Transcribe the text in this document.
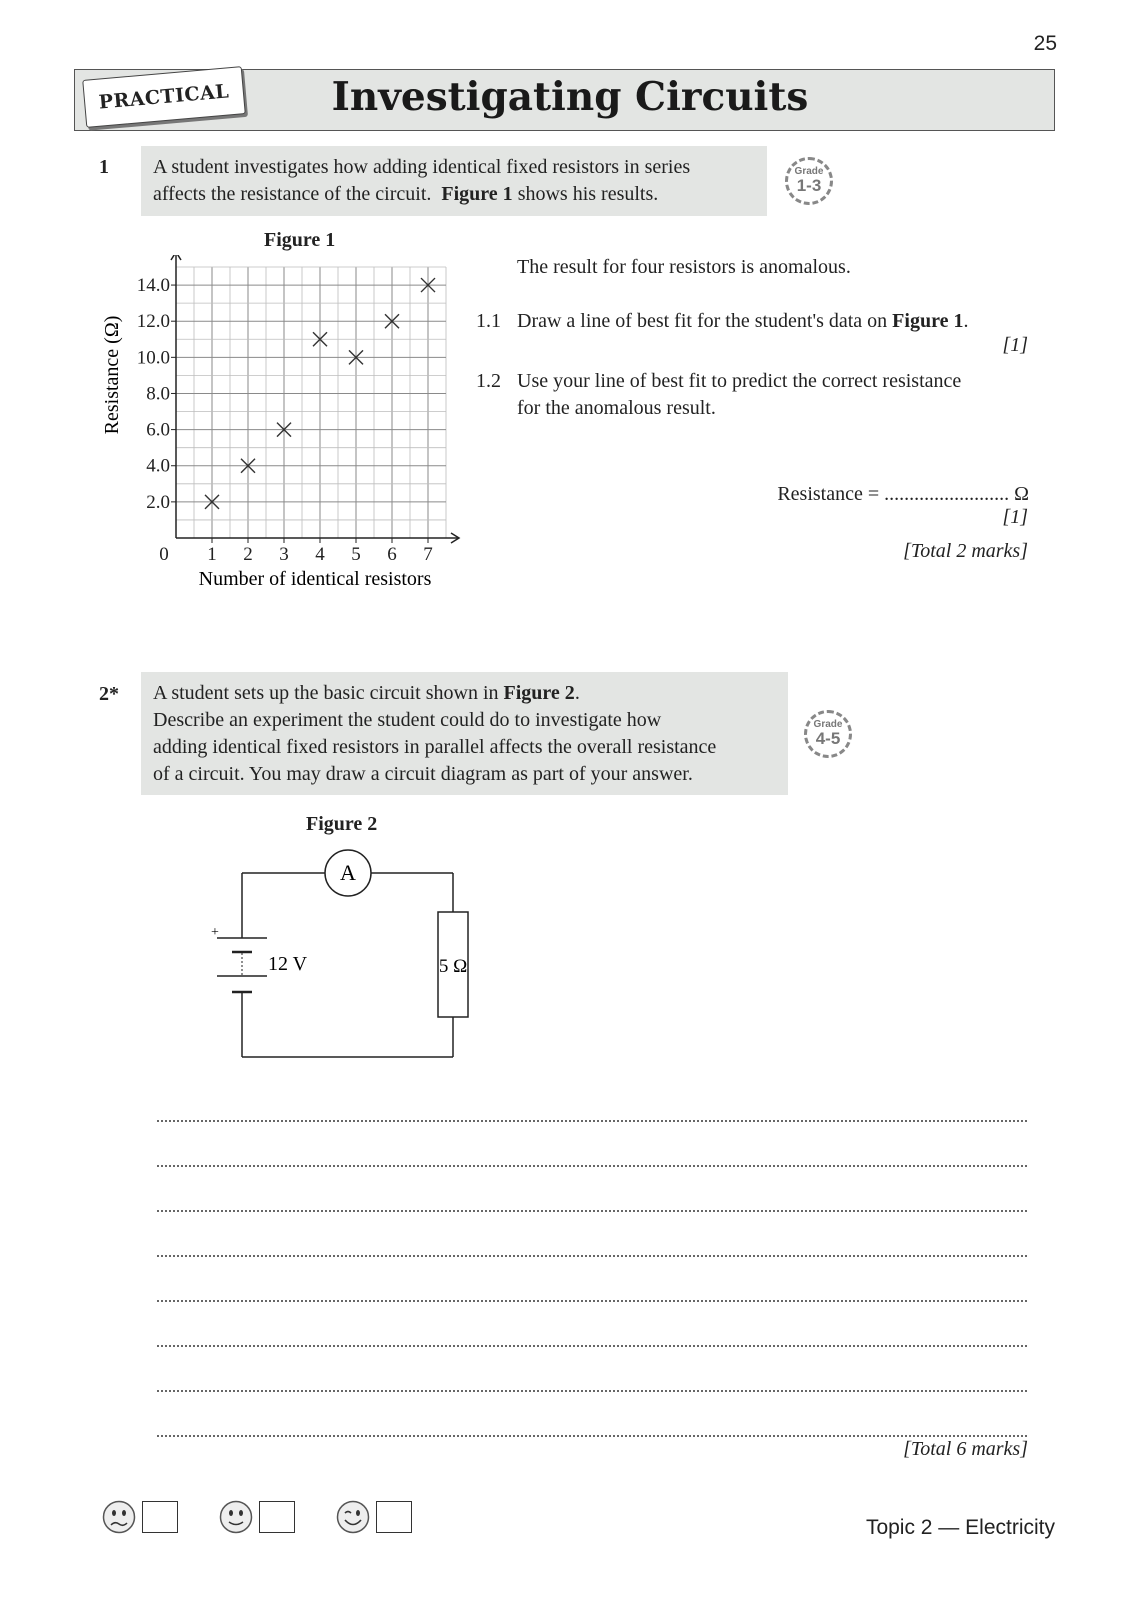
25
PRACTICAL	Investigating Circuits
1 A student investigates how adding identical fixed resistors in series
affects the resistance of the circuit. Figure 1 shows his results.
Grade
1-3
Figure 1
1 2 3 4 5 6 7
2.0
4.0
6.0
8.0
10.0
12.0
14.0
0
Resistance (Ω)
Number of identical resistors
The result for four resistors is anomalous.
1.1 Draw a line of best fit for the student's data on Figure 1.
[1]
1.2 Use your line of best fit to predict the correct resistance
for the anomalous result.
Resistance = ......................... Ω
[1]
[Total 2 marks]
2* A student sets up the basic circuit shown in Figure 2.
Describe an experiment the student could do to investigate how
adding identical fixed resistors in parallel affects the overall resistance
of a circuit. You may draw a circuit diagram as part of your answer.
Grade
4-5
Figure 2
A
+
12 V	5 Ω
[Total 6 marks]
Topic 2 — Electricity
